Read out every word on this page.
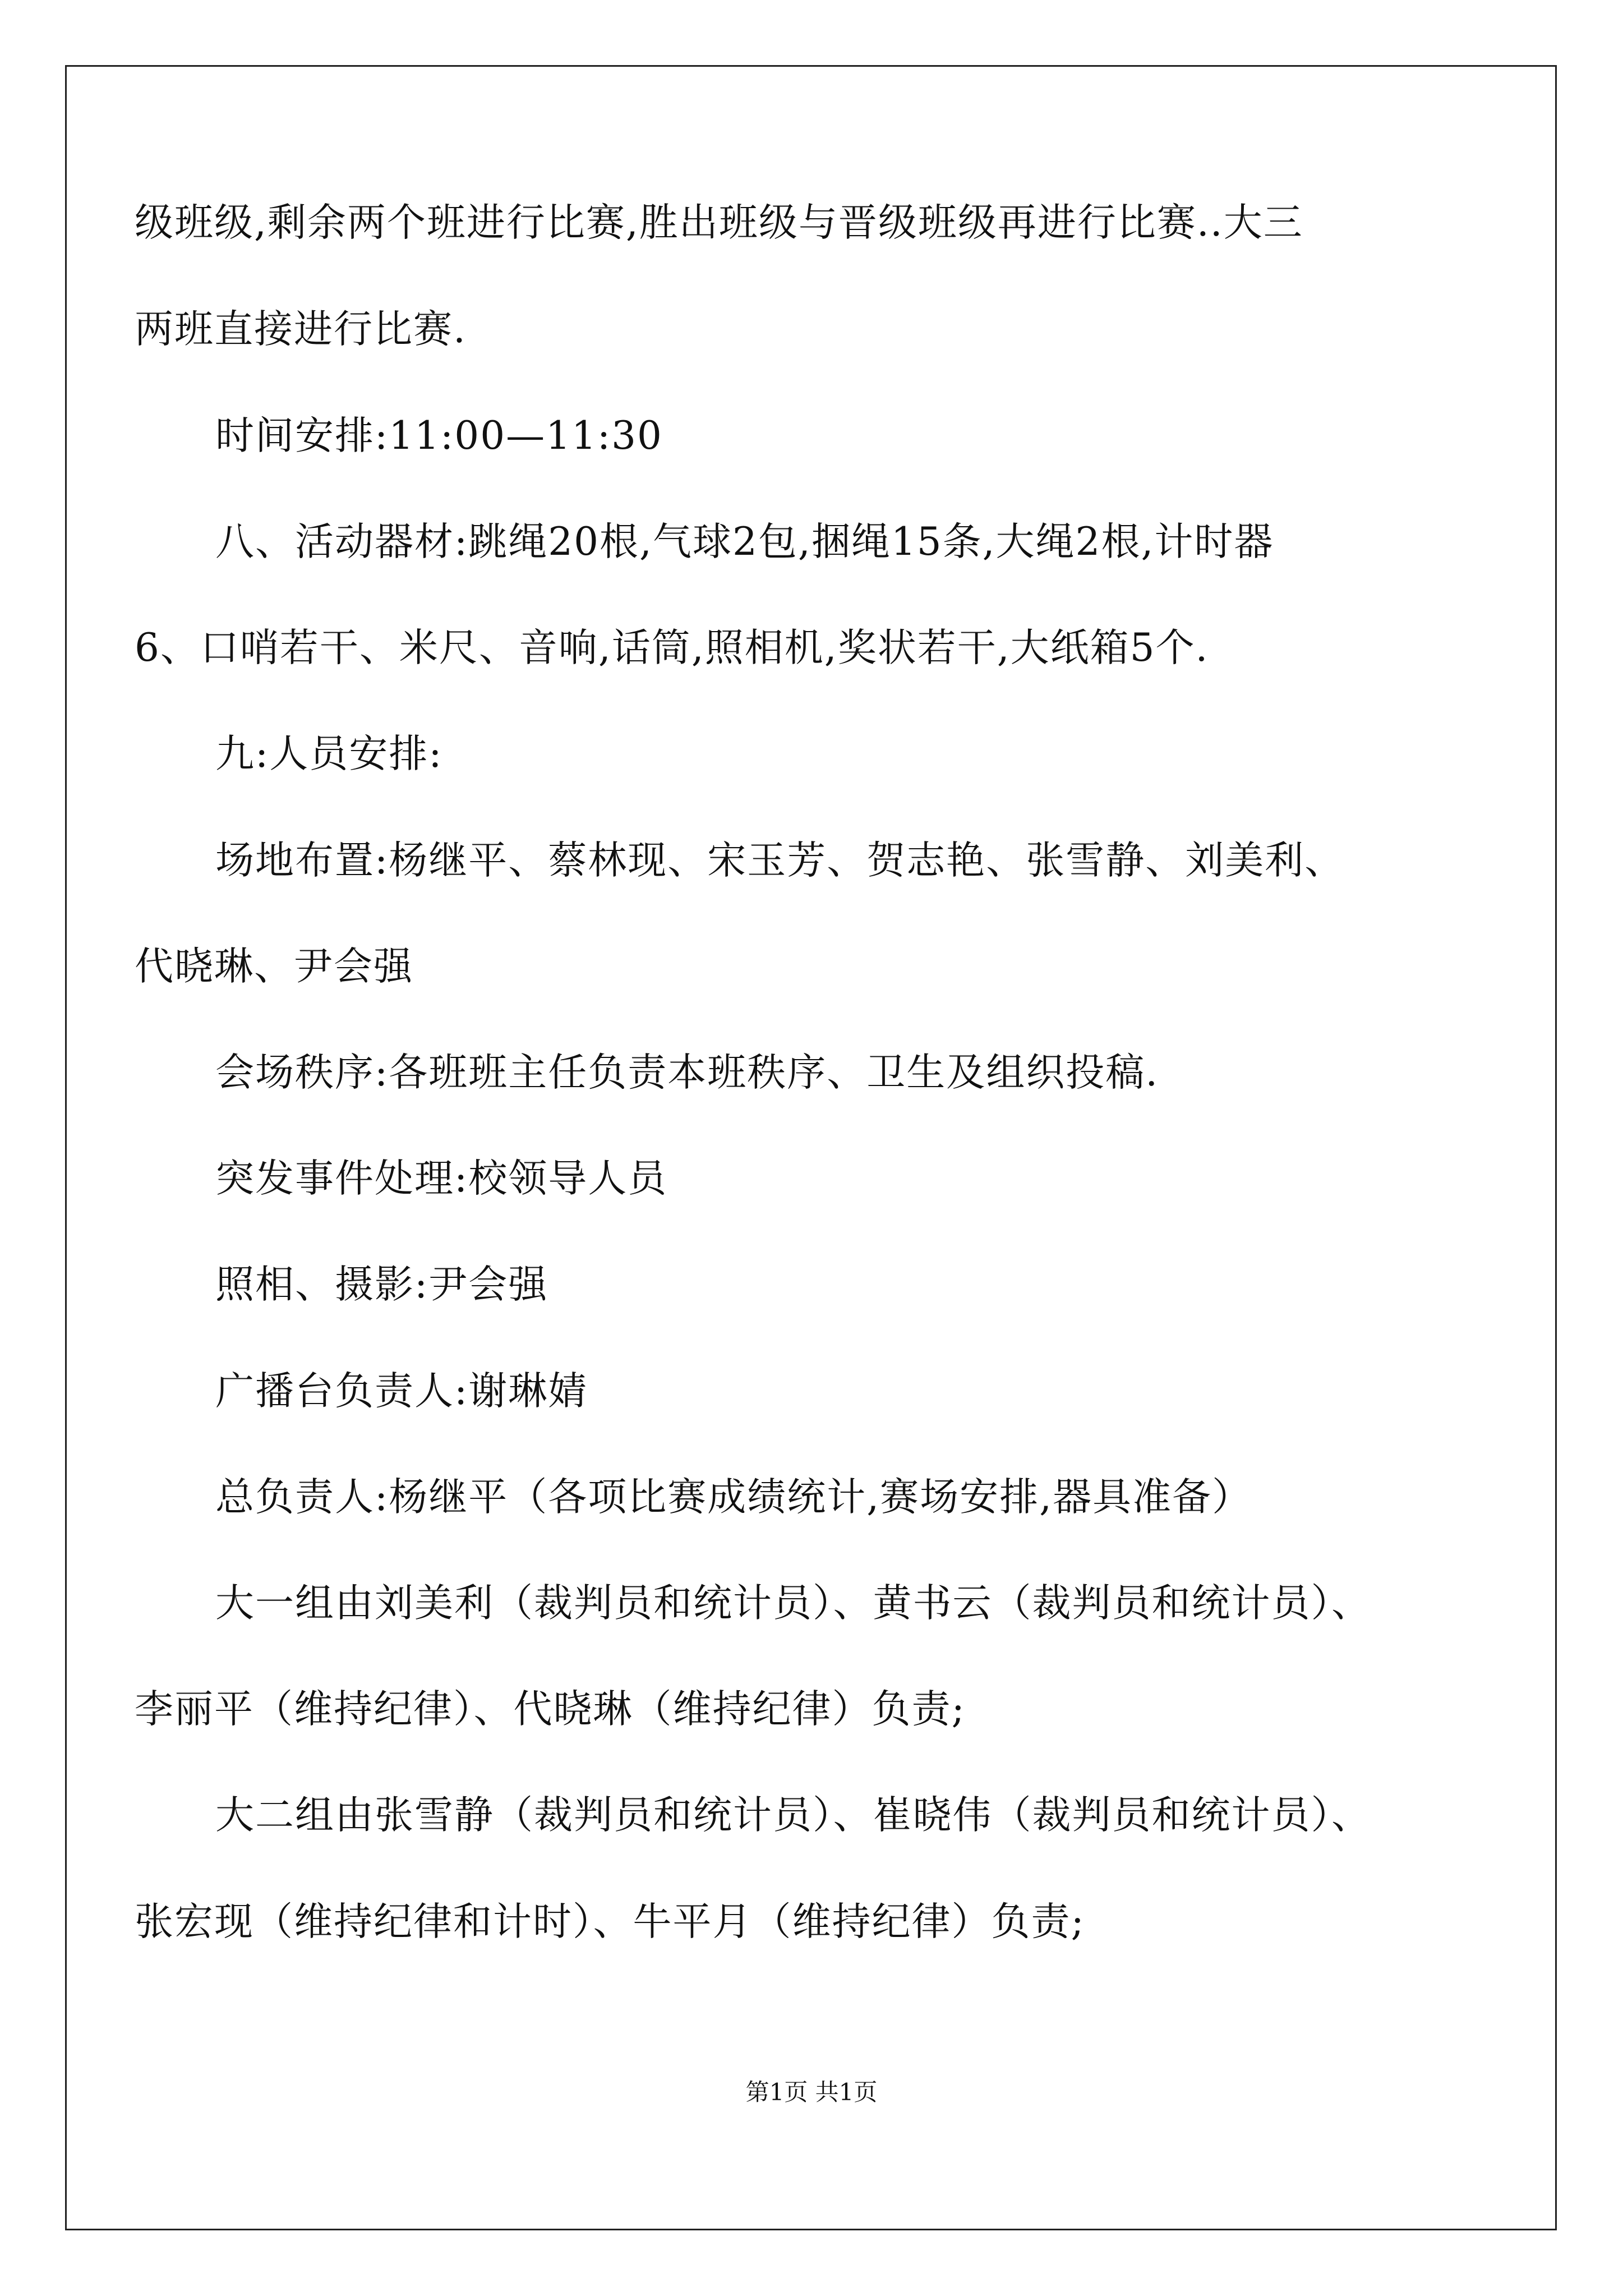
级班级,剩余两个班进行比赛,胜出班级与晋级班级再进行比赛..大三
两班直接进行比赛.
时间安排:11:00—11:30
八、活动器材:跳绳20根,气球2包,捆绳15条,大绳2根,计时器
6、口哨若干、米尺、音响,话筒,照相机,奖状若干,大纸箱5个.
九:人员安排:
场地布置:杨继平、蔡林现、宋玉芳、贺志艳、张雪静、刘美利、
代晓琳、尹会强
会场秩序:各班班主任负责本班秩序、卫生及组织投稿.
突发事件处理:校领导人员
照相、摄影:尹会强
广播台负责人:谢琳婧
总负责人:杨继平（各项比赛成绩统计,赛场安排,器具准备）
大一组由刘美利（裁判员和统计员）、黄书云（裁判员和统计员）、
李丽平（维持纪律）、代晓琳（维持纪律）负责;
大二组由张雪静（裁判员和统计员）、崔晓伟（裁判员和统计员）、
张宏现（维持纪律和计时）、牛平月（维持纪律）负责;
第1页 共1页
